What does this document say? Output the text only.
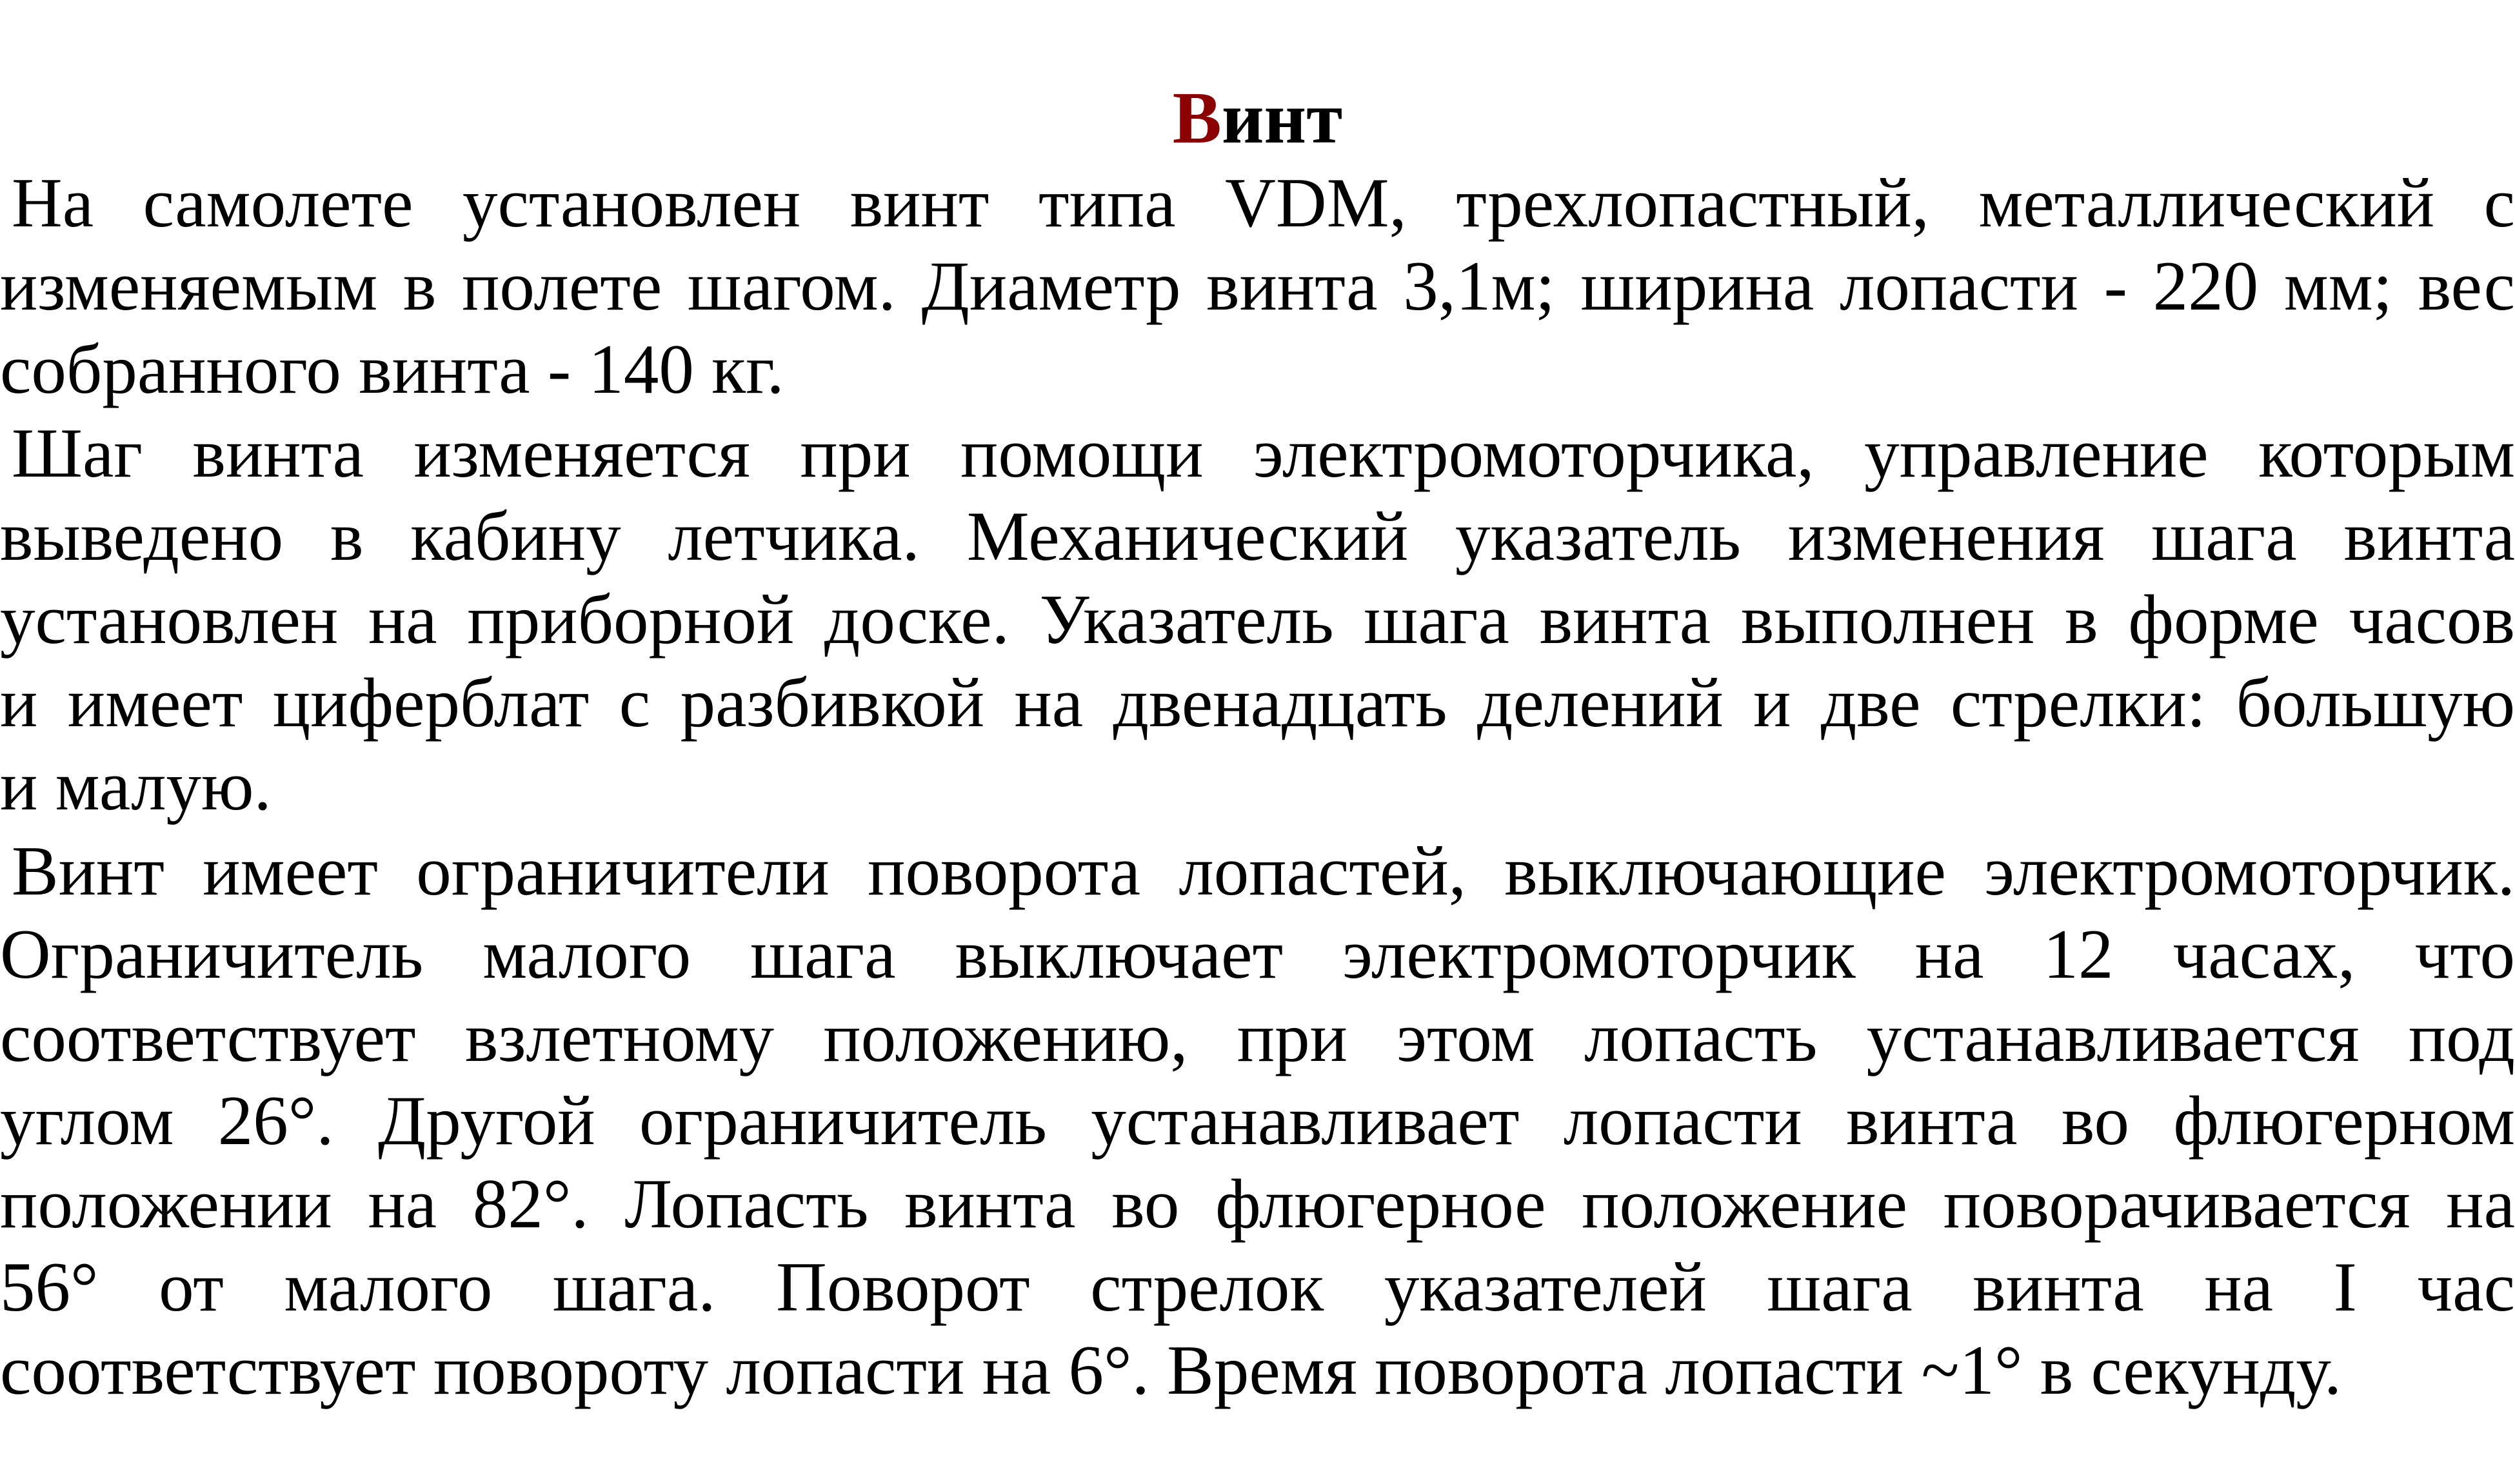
Винт
На самолете установлен винт типа VDM, трехлопастный, металлический с
изменяемым в полете шагом. Диаметр винта 3,1м; ширина лопасти - 220 мм; вес
собранного винта - 140 кг.
Шаг винта изменяется при помощи электромоторчика, управление которым
выведено в кабину летчика. Механический указатель изменения шага винта
установлен на приборной доске. Указатель шага винта выполнен в форме часов
и имеет циферблат с разбивкой на двенадцать делений и две стрелки: большую
и малую.
Винт имеет ограничители поворота лопастей, выключающие электромоторчик.
Ограничитель малого шага выключает электромоторчик на 12 часах, что
соответствует взлетному положению, при этом лопасть устанавливается под
углом 26°. Другой ограничитель устанавливает лопасти винта во флюгерном
положении на 82°. Лопасть винта во флюгерное положение поворачивается на
56° от малого шага. Поворот стрелок указателей шага винта на I час
соответствует повороту лопасти на 6°. Время поворота лопасти ~1° в секунду.
